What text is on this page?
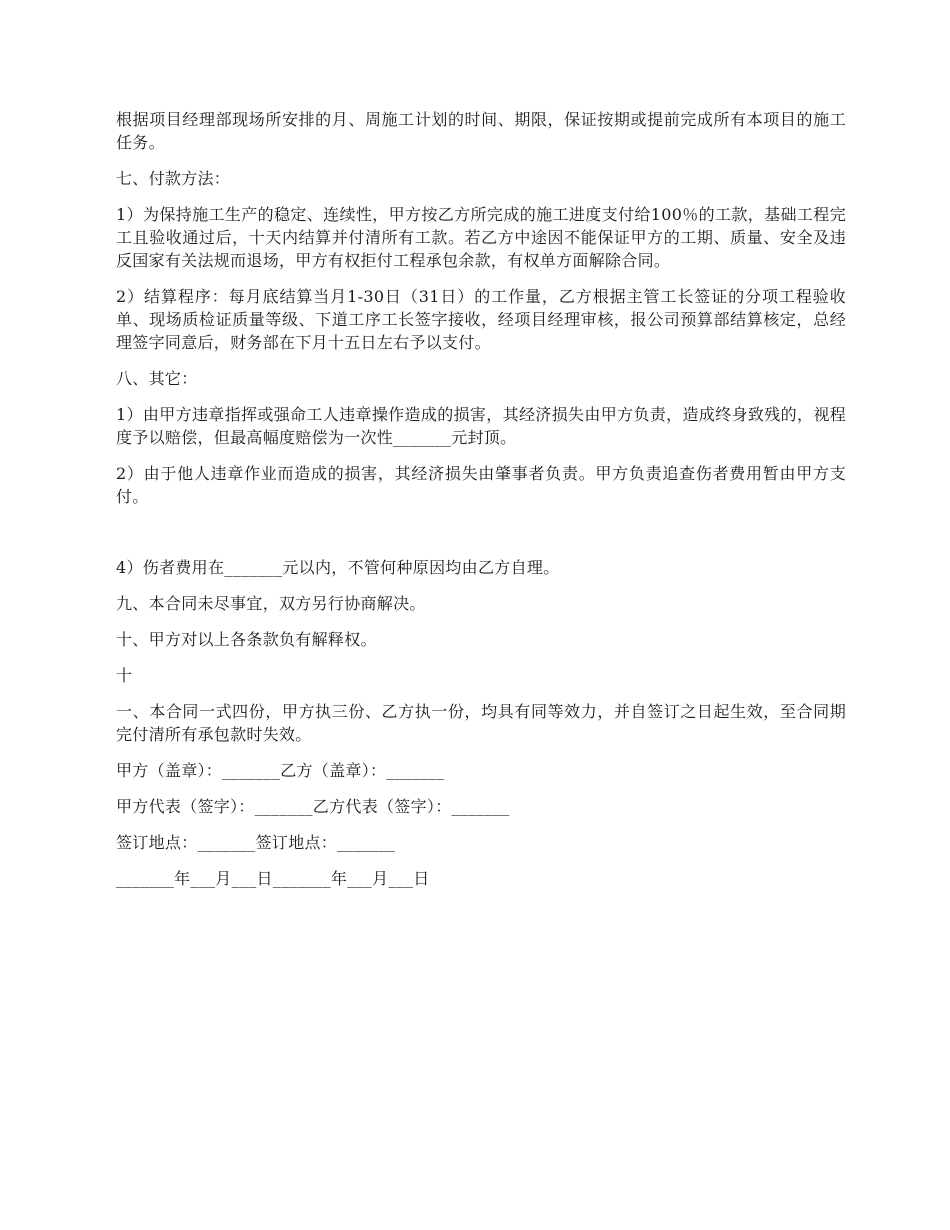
根据项目经理部现场所安排的月、周施工计划的时间、期限，保证按期或提前完成所有本项目的施工任务。

七、付款方法：

1）为保持施工生产的稳定、连续性，甲方按乙方所完成的施工进度支付给100％的工款，基础工程完工且验收通过后，十天内结算并付清所有工款。若乙方中途因不能保证甲方的工期、质量、安全及违反国家有关法规而退场，甲方有权拒付工程承包余款，有权单方面解除合同。

2）结算程序：每月底结算当月1-30日（31日）的工作量，乙方根据主管工长签证的分项工程验收单、现场质检证质量等级、下道工序工长签字接收，经项目经理审核，报公司预算部结算核定，总经理签字同意后，财务部在下月十五日左右予以支付。

八、其它：

1）由甲方违章指挥或强命工人违章操作造成的损害，其经济损失由甲方负责，造成终身致残的，视程度予以赔偿，但最高幅度赔偿为一次性_______元封顶。

2）由于他人违章作业而造成的损害，其经济损失由肇事者负责。甲方负责追查伤者费用暂由甲方支付。

4）伤者费用在_______元以内，不管何种原因均由乙方自理。

九、本合同未尽事宜，双方另行协商解决。

十、甲方对以上各条款负有解释权。

十

一、本合同一式四份，甲方执三份、乙方执一份，均具有同等效力，并自签订之日起生效，至合同期完付清所有承包款时失效。

甲方（盖章）：_______乙方（盖章）：_______

甲方代表（签字）：_______乙方代表（签字）：_______

签订地点：_______签订地点：_______

_______年___月___日_______年___月___日
